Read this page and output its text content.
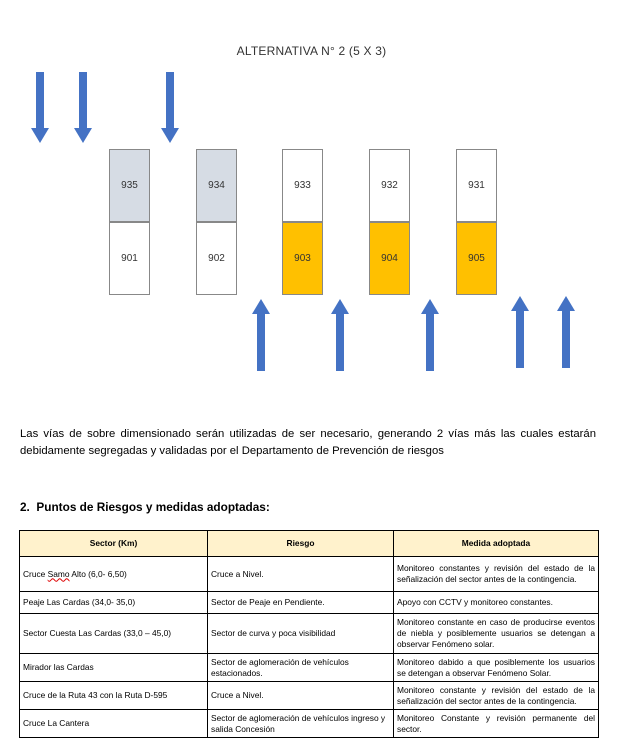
ALTERNATIVA N° 2 (5 X 3)
935
901
934
902
933
903
932
904
931
905
Las vías de sobre dimensionado serán utilizadas de ser necesario, generando 2 vías más las cuales estarán debidamente segregadas y validadas por el Departamento de Prevención de riesgos
2. Puntos de Riesgos y medidas adoptadas:
Sector (Km)	Riesgo	Medida adoptada
Cruce Samo Alto (6,0- 6,50)	Cruce a Nivel.	Monitoreo constantes y revisión del estado de la señalización del sector antes de la contingencia.
Peaje Las Cardas (34,0- 35,0)	Sector de Peaje en Pendiente.	Apoyo con CCTV y monitoreo constantes.
Sector Cuesta Las Cardas (33,0 – 45,0)	Sector de curva y poca visibilidad	Monitoreo constante en caso de producirse eventos de niebla y posiblemente usuarios se detengan a observar Fenómeno solar.
Mirador las Cardas	Sector de aglomeración de vehículos estacionados.	Monitoreo dabido a que posiblemente los usuarios se detengan a observar Fenómeno Solar.
Cruce de la Ruta 43 con la Ruta D-595	Cruce a Nivel.	Monitoreo constante y revisión del estado de la señalización del sector antes de la contingencia.
Cruce La Cantera	Sector de aglomeración de vehículos ingreso y salida Concesión	Monitoreo Constante y revisión permanente del sector.
